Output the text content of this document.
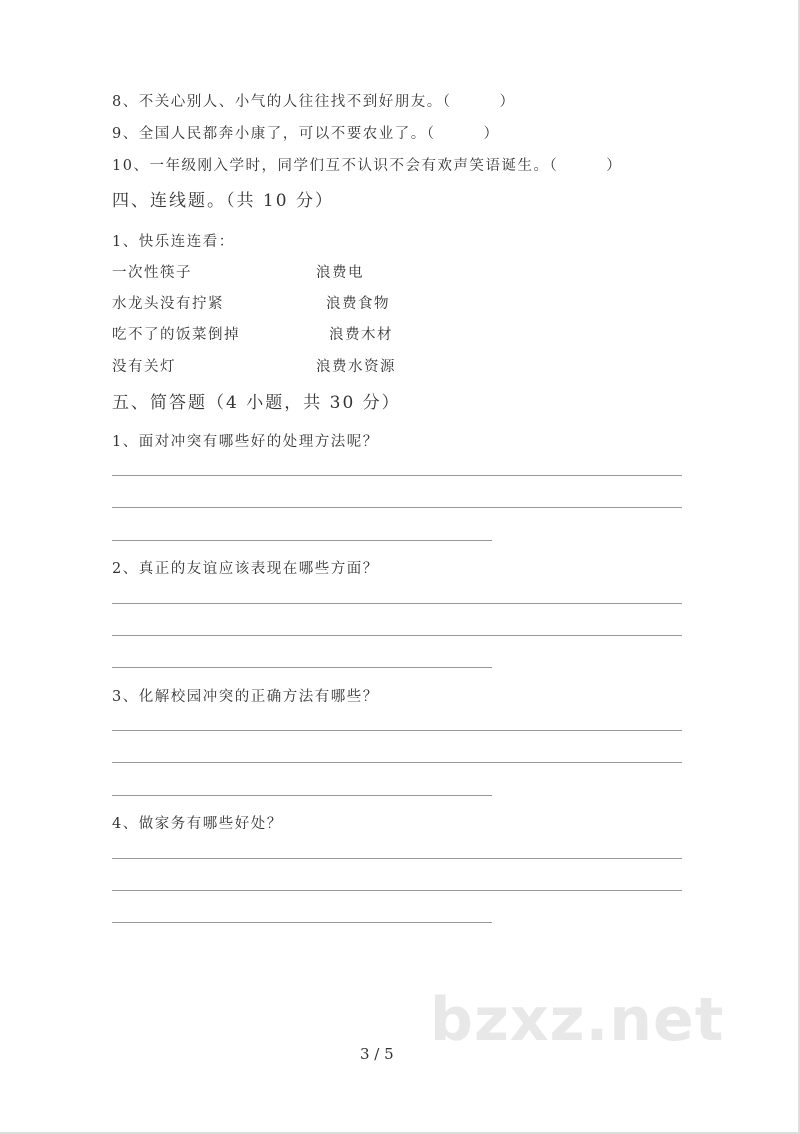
8、不关心别人、小气的人往往找不到好朋友。（　　　）
9、全国人民都奔小康了，可以不要农业了。（　　　）
10、一年级刚入学时，同学们互不认识不会有欢声笑语诞生。（　　　）
四、连线题。（共 10 分）
1、快乐连连看：
一次性筷子
水龙头没有拧紧
吃不了的饭菜倒掉
没有关灯
浪费电
浪费食物
浪费木材
浪费水资源
五、简答题（4 小题，共 30 分）
1、面对冲突有哪些好的处理方法呢？
2、真正的友谊应该表现在哪些方面？
3、化解校园冲突的正确方法有哪些？
4、做家务有哪些好处？
bzxz.net
3 / 5
